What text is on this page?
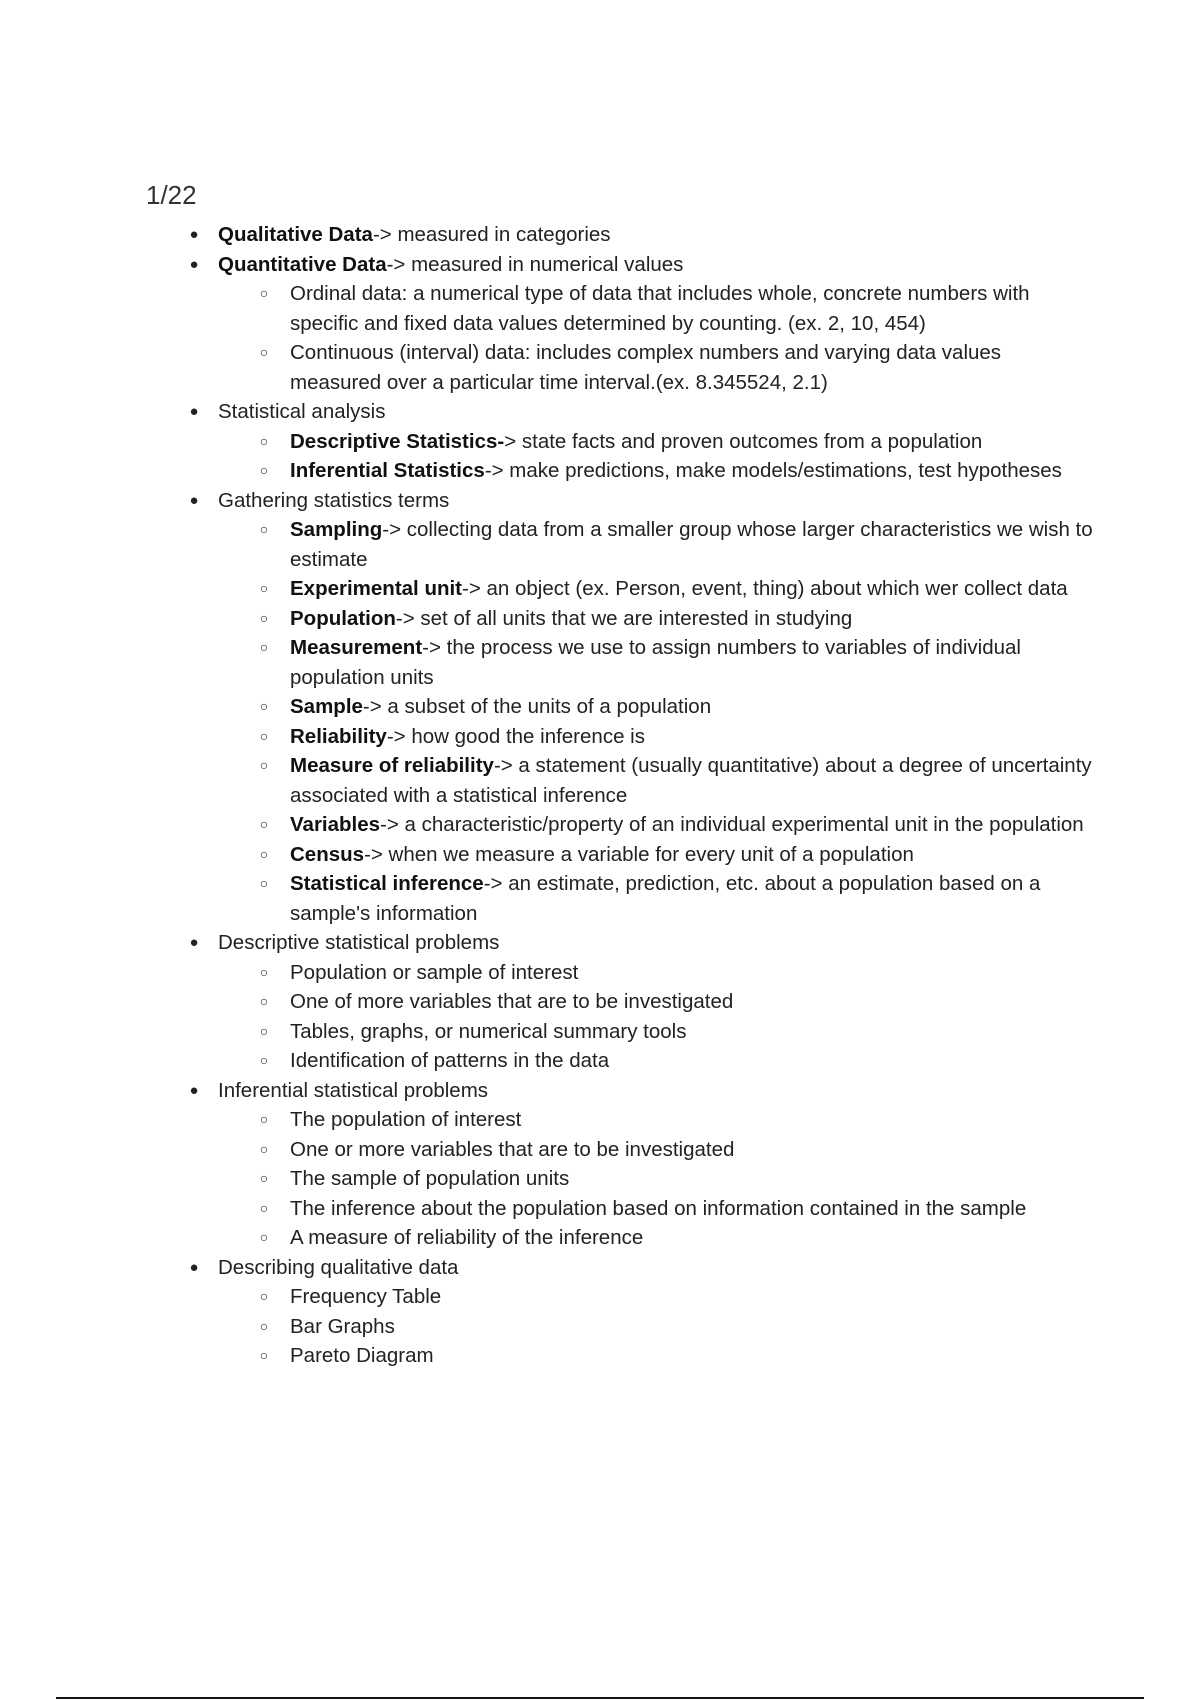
1/22
● Qualitative Data-> measured in categories
● Quantitative Data-> measured in numerical values
○ Ordinal data: a numerical type of data that includes whole, concrete numbers with specific and fixed data values determined by counting. (ex. 2, 10, 454)
○ Continuous (interval) data: includes complex numbers and varying data values measured over a particular time interval.(ex. 8.345524, 2.1)
● Statistical analysis
○ Descriptive Statistics-> state facts and proven outcomes from a population
○ Inferential Statistics-> make predictions, make models/estimations, test hypotheses
● Gathering statistics terms
○ Sampling-> collecting data from a smaller group whose larger characteristics we wish to estimate
○ Experimental unit-> an object (ex. Person, event, thing) about which wer collect data
○ Population-> set of all units that we are interested in studying
○ Measurement-> the process we use to assign numbers to variables of individual population units
○ Sample-> a subset of the units of a population
○ Reliability-> how good the inference is
○ Measure of reliability-> a statement (usually quantitative) about a degree of uncertainty associated with a statistical inference
○ Variables-> a characteristic/property of an individual experimental unit in the population
○ Census-> when we measure a variable for every unit of a population
○ Statistical inference-> an estimate, prediction, etc. about a population based on a sample's information
● Descriptive statistical problems
○ Population or sample of interest
○ One of more variables that are to be investigated
○ Tables, graphs, or numerical summary tools
○ Identification of patterns in the data
● Inferential statistical problems
○ The population of interest
○ One or more variables that are to be investigated
○ The sample of population units
○ The inference about the population based on information contained in the sample
○ A measure of reliability of the inference
● Describing qualitative data
○ Frequency Table
○ Bar Graphs
○ Pareto Diagram
